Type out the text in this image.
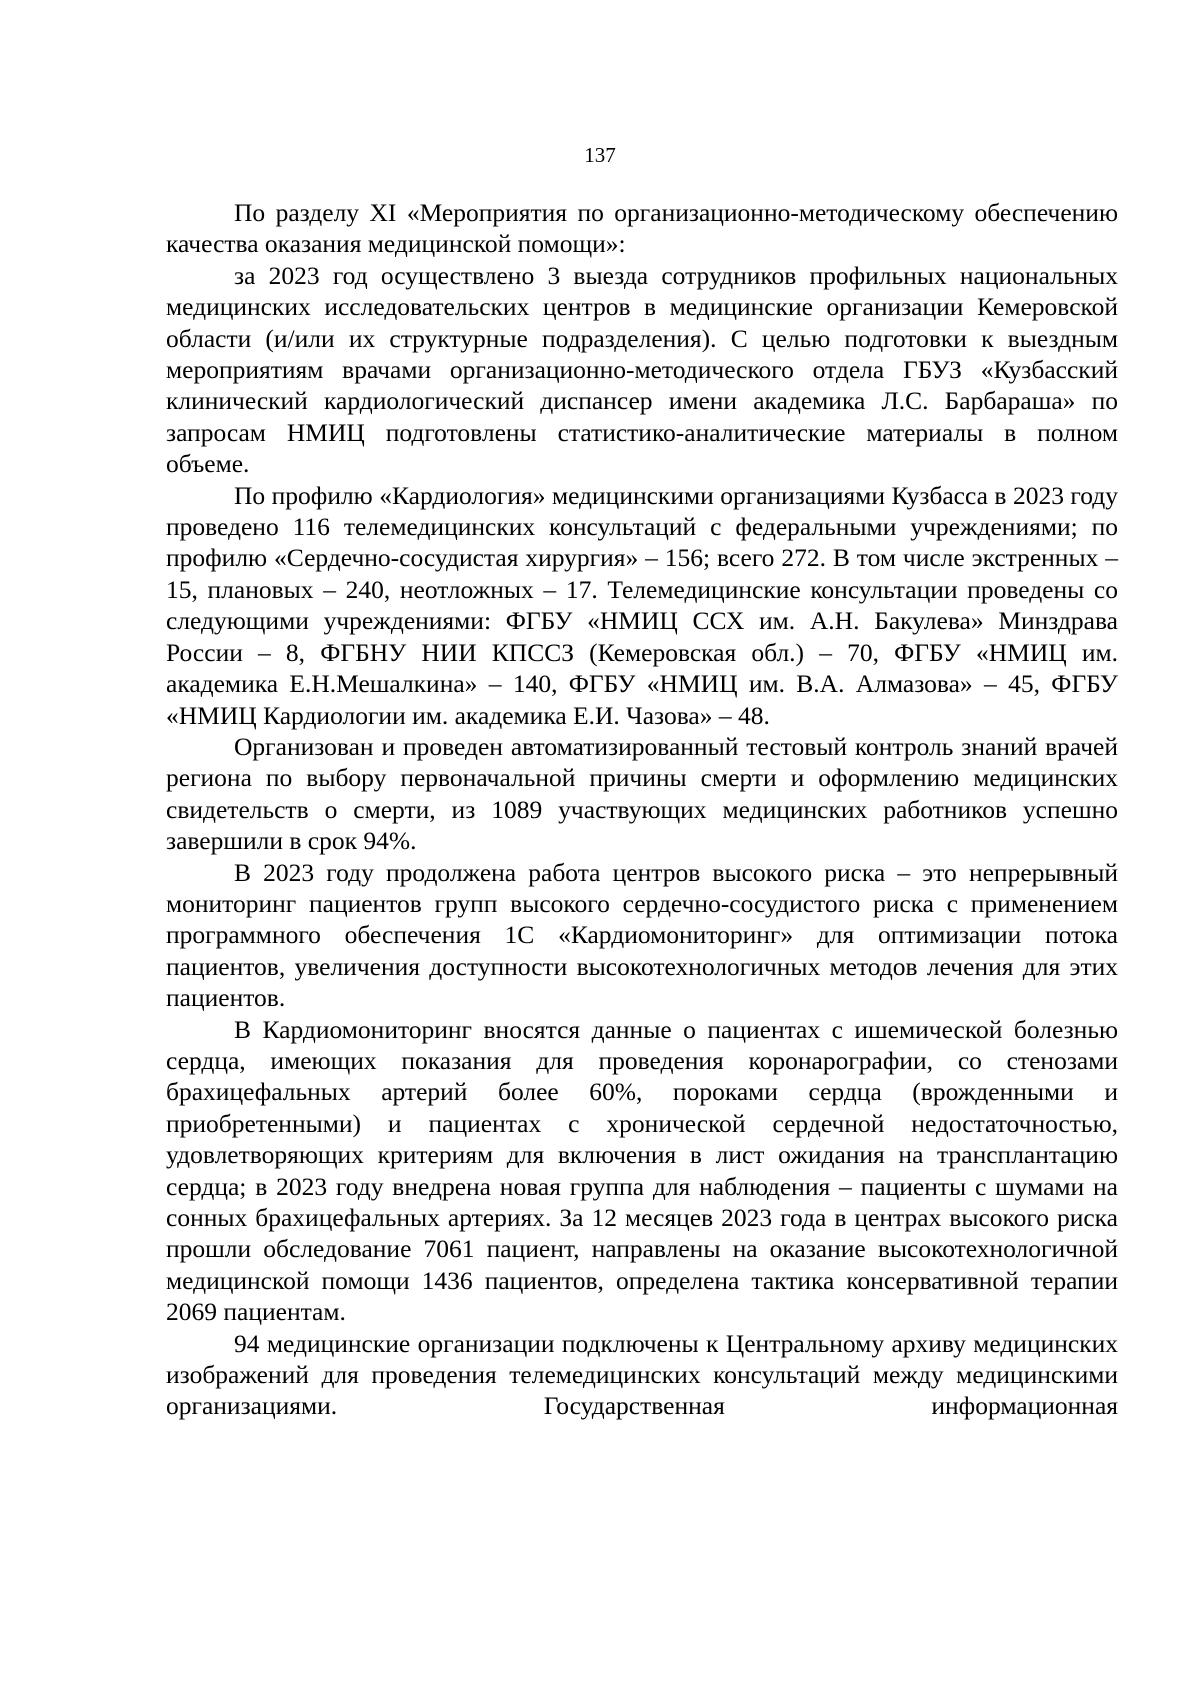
137

По разделу XI «Мероприятия по организационно-методическому обеспечению качества оказания медицинской помощи»:

за 2023 год осуществлено 3 выезда сотрудников профильных национальных медицинских исследовательских центров в медицинские организации Кемеровской области (и/или их структурные подразделения). С целью подготовки к выездным мероприятиям врачами организационно-методического отдела ГБУЗ «Кузбасский клинический кардиологический диспансер имени академика Л.С. Барбараша» по запросам НМИЦ подготовлены статистико-аналитические материалы в полном объеме.

По профилю «Кардиология» медицинскими организациями Кузбасса в 2023 году проведено 116 телемедицинских консультаций с федеральными учреждениями; по профилю «Сердечно-сосудистая хирургия» – 156; всего 272. В том числе экстренных – 15, плановых – 240, неотложных – 17. Телемедицинские консультации проведены со следующими учреждениями: ФГБУ «НМИЦ ССХ им. А.Н. Бакулева» Минздрава России – 8, ФГБНУ НИИ КПССЗ (Кемеровская обл.) – 70, ФГБУ «НМИЦ им. академика Е.Н.Мешалкина» – 140, ФГБУ «НМИЦ им. В.А. Алмазова» – 45, ФГБУ «НМИЦ Кардиологии им. академика Е.И. Чазова» – 48.

Организован и проведен автоматизированный тестовый контроль знаний врачей региона по выбору первоначальной причины смерти и оформлению медицинских свидетельств о смерти, из 1089 участвующих медицинских работников успешно завершили в срок 94%.

В 2023 году продолжена работа центров высокого риска – это непрерывный мониторинг пациентов групп высокого сердечно-сосудистого риска с применением программного обеспечения 1С «Кардиомониторинг» для оптимизации потока пациентов, увеличения доступности высокотехнологичных методов лечения для этих пациентов.

В Кардиомониторинг вносятся данные о пациентах с ишемической болезнью сердца, имеющих показания для проведения коронарографии, со стенозами брахицефальных артерий более 60%, пороками сердца (врожденными и приобретенными) и пациентах с хронической сердечной недостаточностью, удовлетворяющих критериям для включения в лист ожидания на трансплантацию сердца; в 2023 году внедрена новая группа для наблюдения – пациенты с шумами на сонных брахицефальных артериях. За 12 месяцев 2023 года в центрах высокого риска прошли обследование 7061 пациент, направлены на оказание высокотехнологичной медицинской помощи 1436 пациентов, определена тактика консервативной терапии 2069 пациентам.

94 медицинские организации подключены к Центральному архиву медицинских изображений для проведения телемедицинских консультаций между медицинскими организациями. Государственная информационная
